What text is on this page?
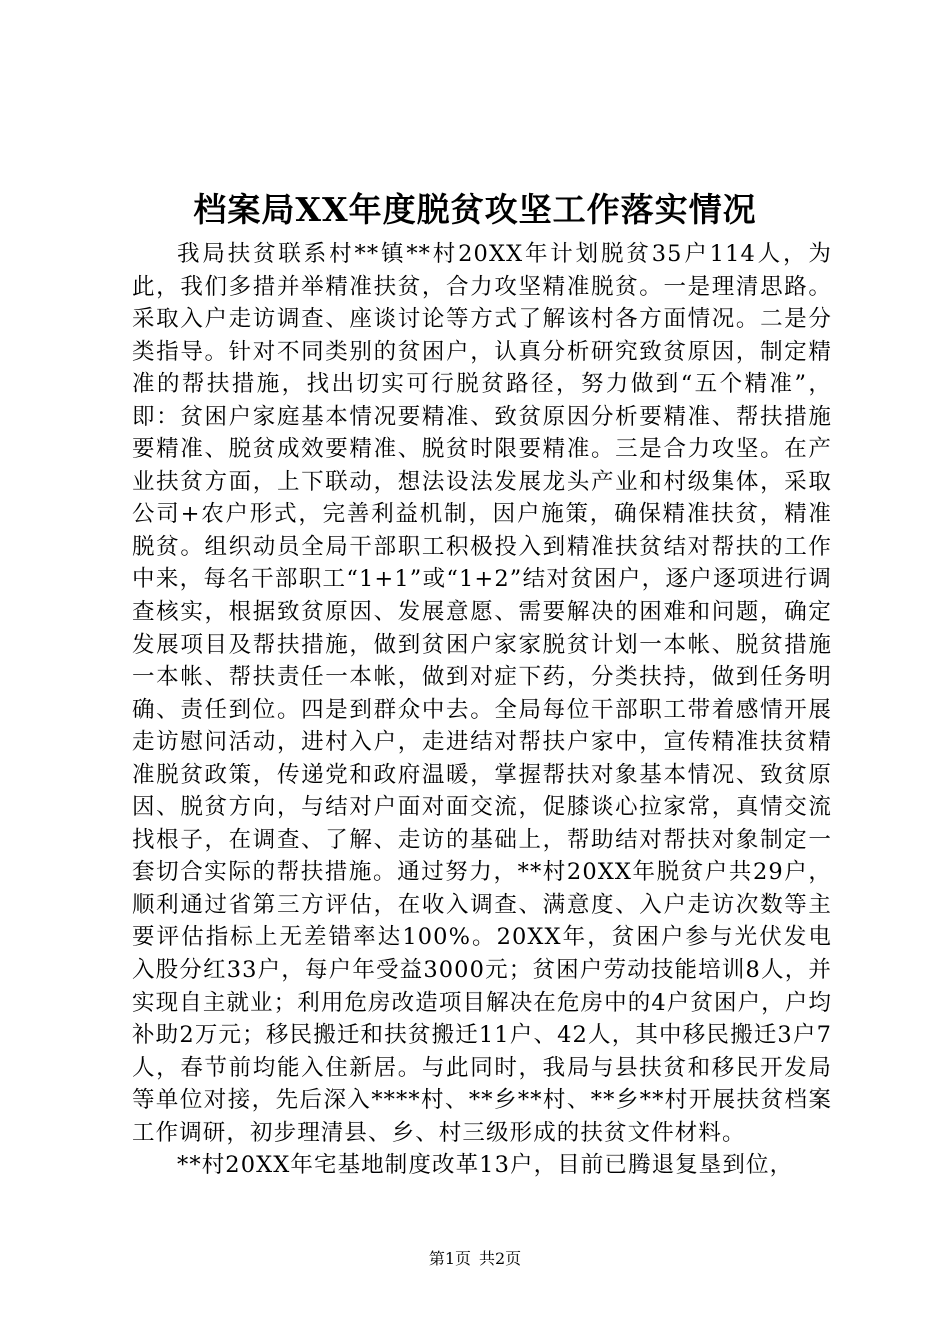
档案局XX年度脱贫攻坚工作落实情况

我局扶贫联系村**镇**村20XX年计划脱贫35户114人，为此，我们多措并举精准扶贫，合力攻坚精准脱贫。一是理清思路。采取入户走访调查、座谈讨论等方式了解该村各方面情况。二是分类指导。针对不同类别的贫困户，认真分析研究致贫原因，制定精准的帮扶措施，找出切实可行脱贫路径，努力做到“五个精准”，即：贫困户家庭基本情况要精准、致贫原因分析要精准、帮扶措施要精准、脱贫成效要精准、脱贫时限要精准。三是合力攻坚。在产业扶贫方面，上下联动，想法设法发展龙头产业和村级集体，采取公司+农户形式，完善利益机制，因户施策，确保精准扶贫，精准脱贫。组织动员全局干部职工积极投入到精准扶贫结对帮扶的工作中来，每名干部职工“1+1”或“1+2”结对贫困户，逐户逐项进行调查核实，根据致贫原因、发展意愿、需要解决的困难和问题，确定发展项目及帮扶措施，做到贫困户家家脱贫计划一本帐、脱贫措施一本帐、帮扶责任一本帐，做到对症下药，分类扶持，做到任务明确、责任到位。四是到群众中去。全局每位干部职工带着感情开展走访慰问活动，进村入户，走进结对帮扶户家中，宣传精准扶贫精准脱贫政策，传递党和政府温暖，掌握帮扶对象基本情况、致贫原因、脱贫方向，与结对户面对面交流，促膝谈心拉家常，真情交流找根子，在调查、了解、走访的基础上，帮助结对帮扶对象制定一套切合实际的帮扶措施。通过努力，**村20XX年脱贫户共29户，顺利通过省第三方评估，在收入调查、满意度、入户走访次数等主要评估指标上无差错率达100%。20XX年，贫困户参与光伏发电入股分红33户，每户年受益3000元；贫困户劳动技能培训8人，并实现自主就业；利用危房改造项目解决在危房中的4户贫困户，户均补助2万元；移民搬迁和扶贫搬迁11户、42人，其中移民搬迁3户7人，春节前均能入住新居。与此同时，我局与县扶贫和移民开发局等单位对接，先后深入****村、**乡**村、**乡**村开展扶贫档案工作调研，初步理清县、乡、村三级形成的扶贫文件材料。

**村20XX年宅基地制度改革13户，目前已腾退复垦到位，

第1页 共2页
